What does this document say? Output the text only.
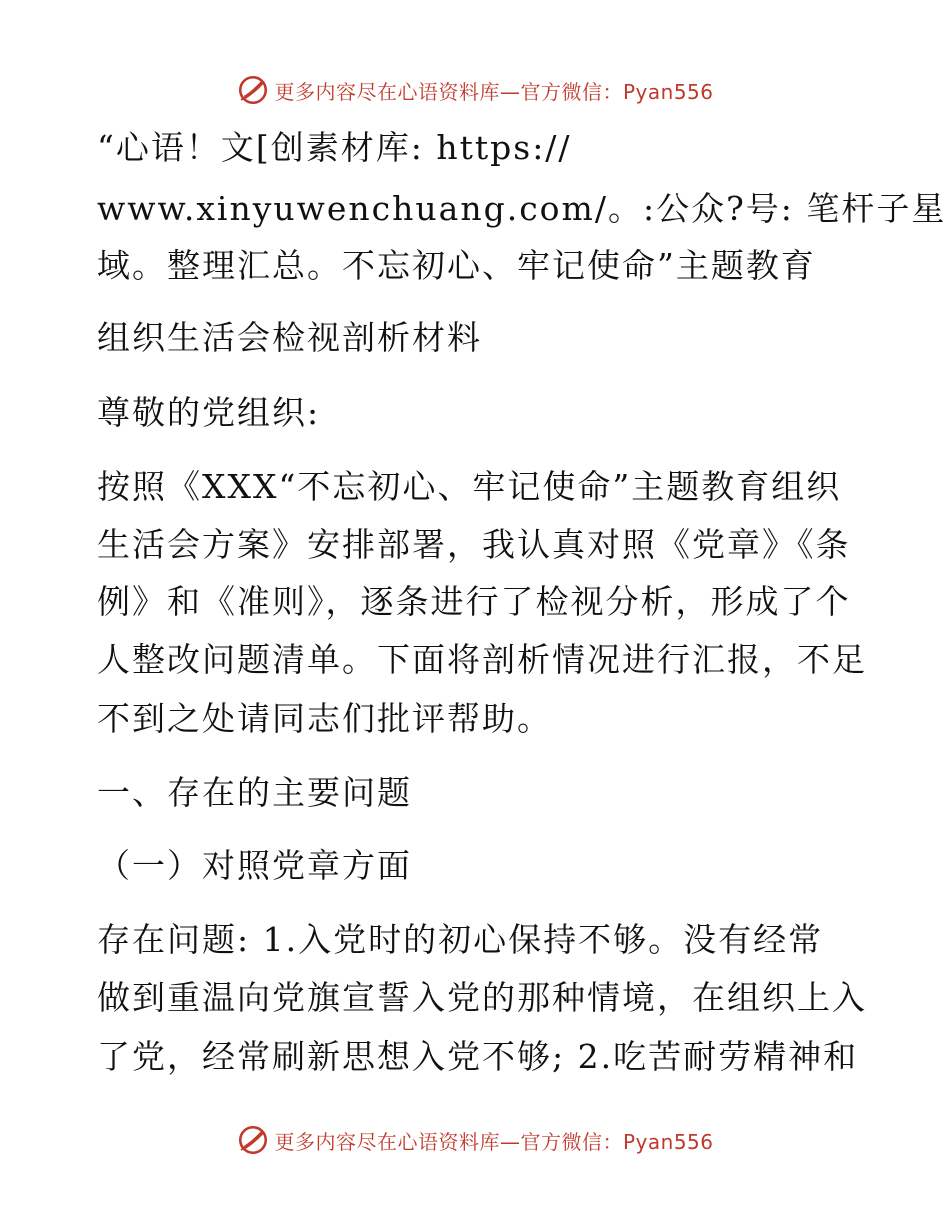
更多内容尽在心语资料库—官方微信：Pyan556
“心语！文[创素材库: https://
www.xinyuwenchuang.com/。:公众?号: 笔杆子星
域。整理汇总。不忘初心、牢记使命”主题教育
组织生活会检视剖析材料
尊敬的党组织:
按照《XXX“不忘初心、牢记使命”主题教育组织
生活会方案》安排部署，我认真对照《党章》《条
例》和《准则》，逐条进行了检视分析，形成了个
人整改问题清单。下面将剖析情况进行汇报，不足
不到之处请同志们批评帮助。
一、存在的主要问题
（一）对照党章方面
存在问题: 1.入党时的初心保持不够。没有经常
做到重温向党旗宣誓入党的那种情境，在组织上入
了党，经常刷新思想入党不够; 2.吃苦耐劳精神和
更多内容尽在心语资料库—官方微信：Pyan556
